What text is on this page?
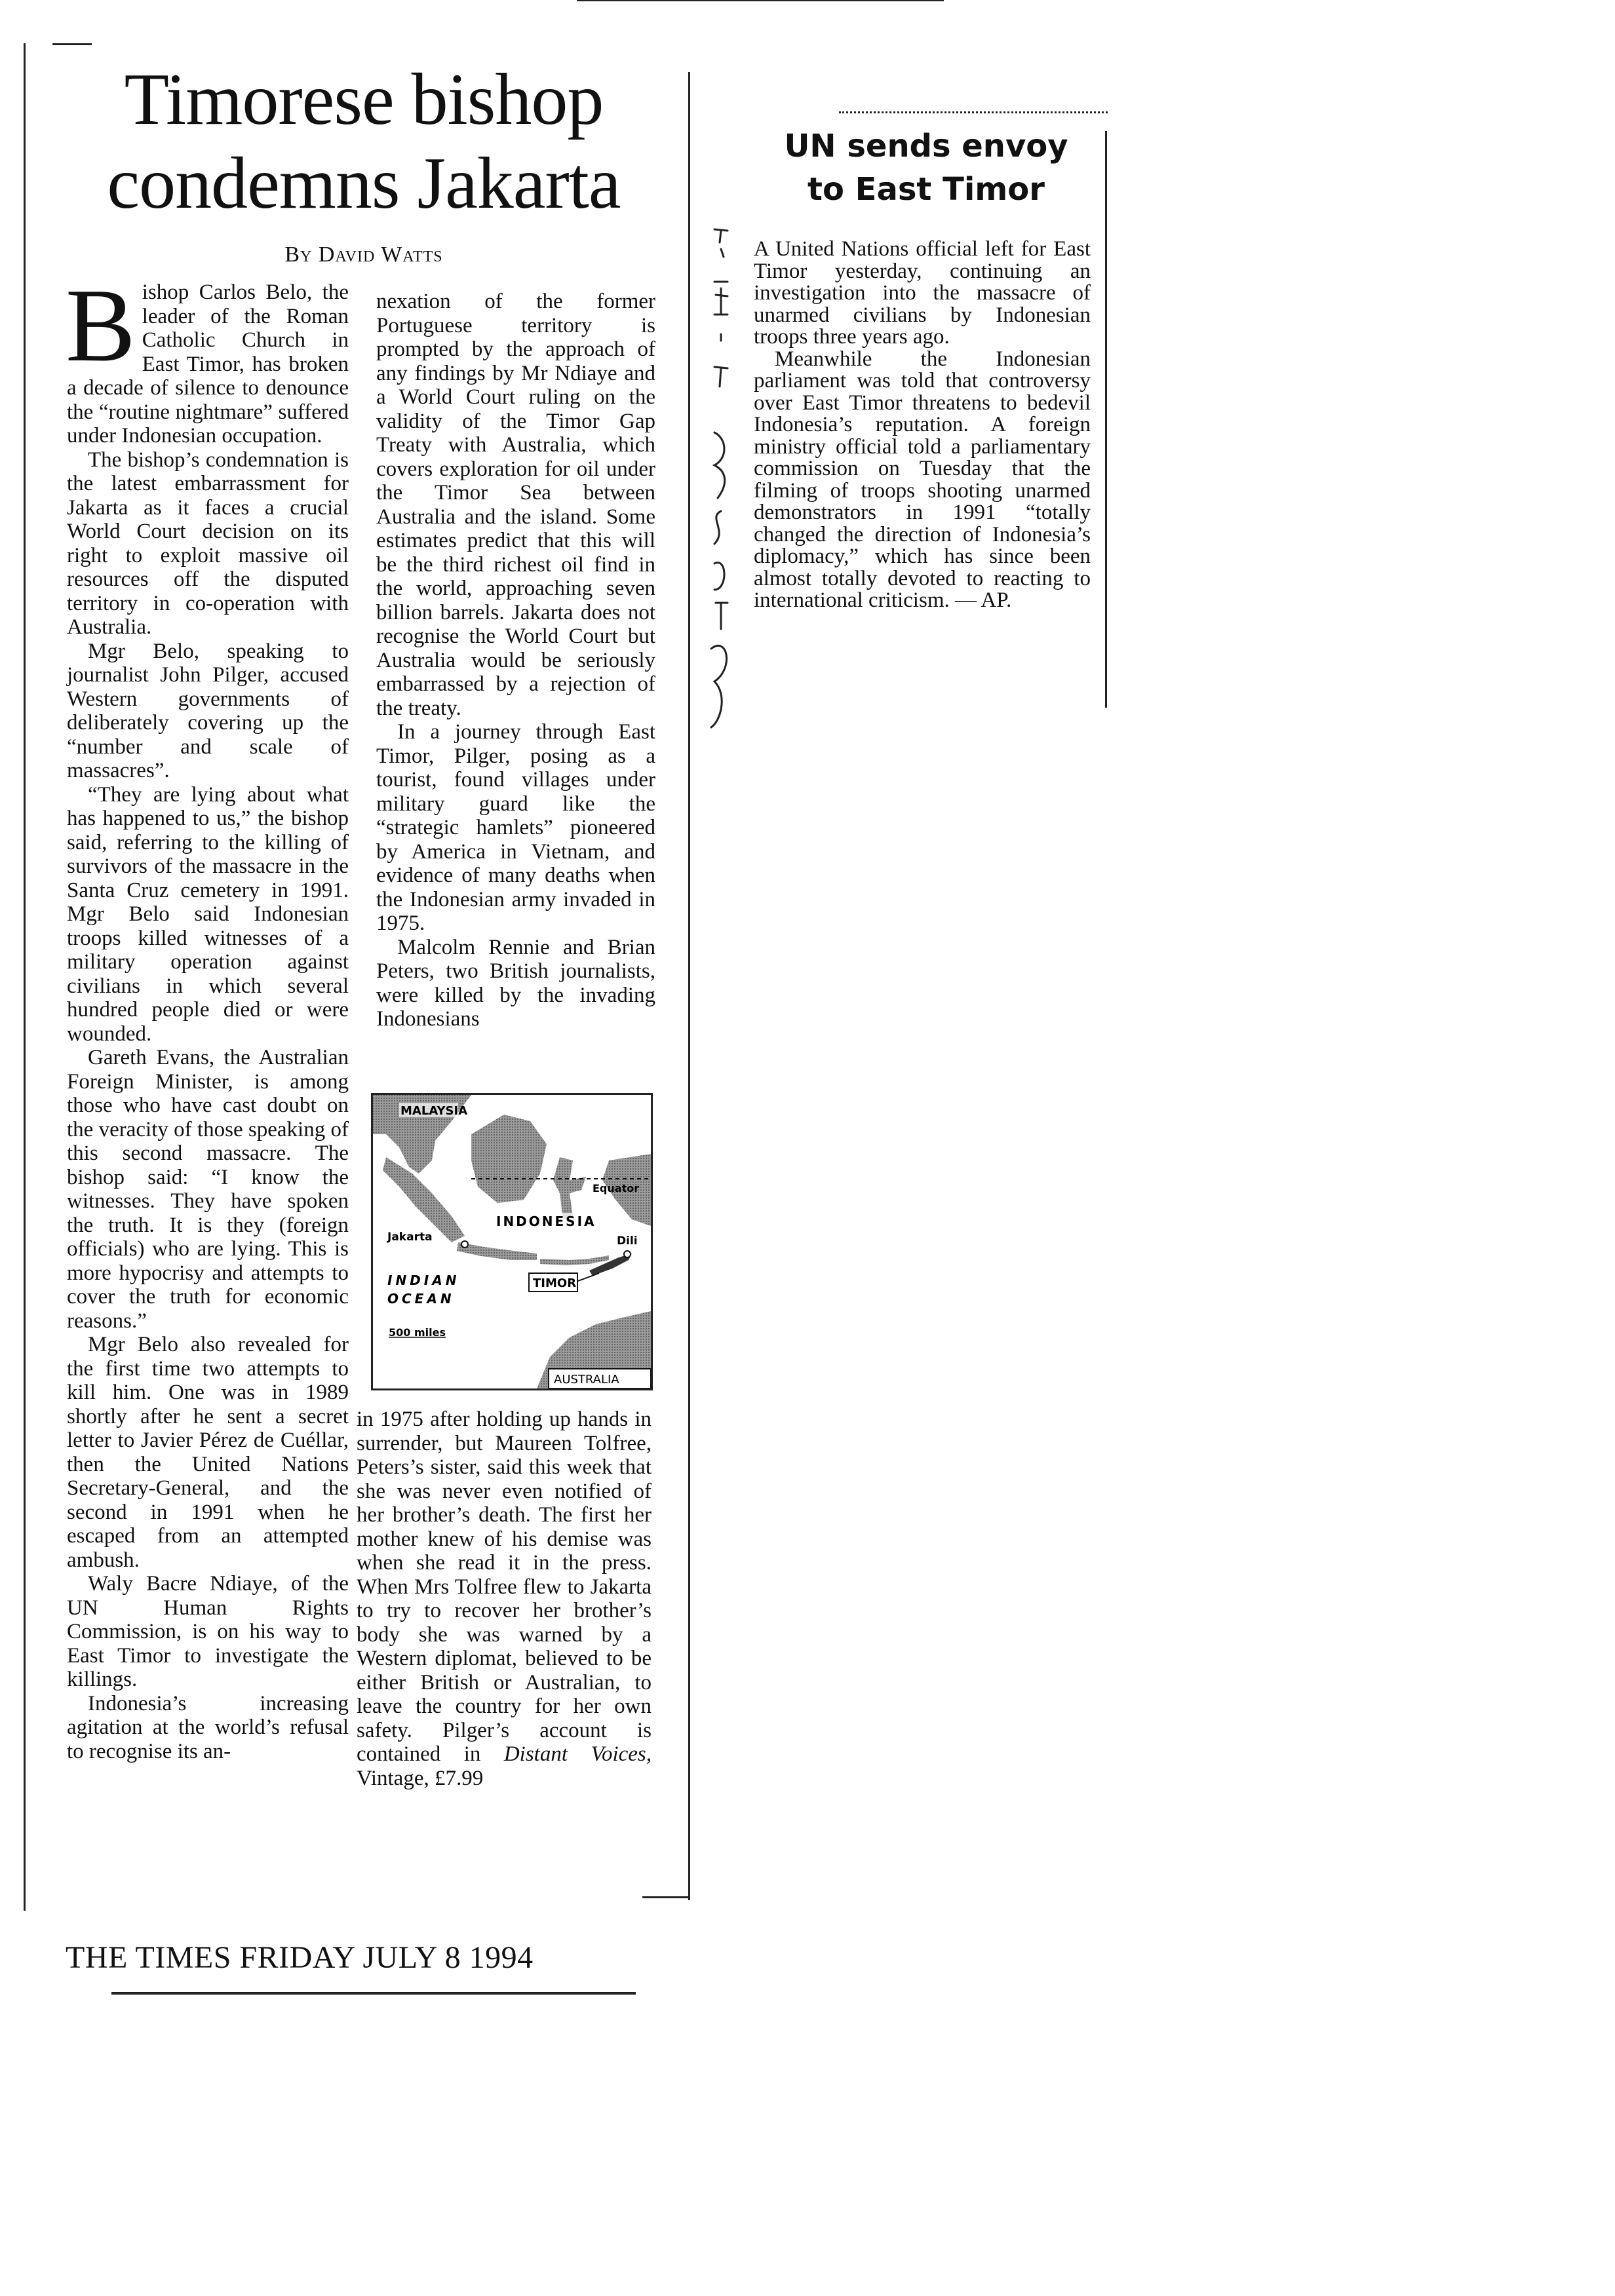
Timorese bishop
condemns Jakarta
By David Watts

Bishop Carlos Belo, the leader of the Roman Catholic Church in East Timor, has broken a decade of silence to denounce the “routine nightmare” suffered under Indonesian occupation.

The bishop’s condemnation is the latest embarrassment for Jakarta as it faces a crucial World Court decision on its right to exploit massive oil resources off the disputed territory in co-operation with Australia.

Mgr Belo, speaking to journalist John Pilger, accused Western governments of deliberately covering up the “number and scale of massacres”.

“They are lying about what has happened to us,” the bishop said, referring to the killing of survivors of the massacre in the Santa Cruz cemetery in 1991. Mgr Belo said Indonesian troops killed witnesses of a military operation against civilians in which several hundred people died or were wounded.

Gareth Evans, the Australian Foreign Minister, is among those who have cast doubt on the veracity of those speaking of this second massacre. The bishop said: “I know the witnesses. They have spoken the truth. It is they (foreign officials) who are lying. This is more hypocrisy and attempts to cover the truth for economic reasons.”

Mgr Belo also revealed for the first time two attempts to kill him. One was in 1989 shortly after he sent a secret letter to Javier Pérez de Cuéllar, then the United Nations Secretary-General, and the second in 1991 when he escaped from an attempted ambush.

Waly Bacre Ndiaye, of the UN Human Rights Commission, is on his way to East Timor to investigate the killings.

Indonesia’s increasing agitation at the world’s refusal to recognise its an-

nexation of the former Portuguese territory is prompted by the approach of any findings by Mr Ndiaye and a World Court ruling on the validity of the Timor Gap Treaty with Australia, which covers exploration for oil under the Timor Sea between Australia and the island. Some estimates predict that this will be the third richest oil find in the world, approaching seven billion barrels. Jakarta does not recognise the World Court but Australia would be seriously embarrassed by a rejection of the treaty.

In a journey through East Timor, Pilger, posing as a tourist, found villages under military guard like the “strategic hamlets” pioneered by America in Vietnam, and evidence of many deaths when the Indonesian army invaded in 1975.

Malcolm Rennie and Brian Peters, two British journalists, were killed by the invading Indonesians

MALAYSIA
Equator
INDONESIA
Dili
Jakarta
INDIAN
OCEAN
TIMOR
500 miles
AUSTRALIA

in 1975 after holding up hands in surrender, but Maureen Tolfree, Peters’s sister, said this week that she was never even notified of her brother’s death. The first her mother knew of his demise was when she read it in the press. When Mrs Tolfree flew to Jakarta to try to recover her brother’s body she was warned by a Western diplomat, believed to be either British or Australian, to leave the country for her own safety. Pilger’s account is contained in Distant Voices, Vintage, £7.99

THE TIMES FRIDAY JULY 8 1994
UN sends envoy
to East Timor

A United Nations official left for East Timor yesterday, continuing an investigation into the massacre of unarmed civilians by Indonesian troops three years ago.

Meanwhile the Indonesian parliament was told that controversy over East Timor threatens to bedevil Indonesia’s reputation. A foreign ministry official told a parliamentary commission on Tuesday that the filming of troops shooting unarmed demonstrators in 1991 “totally changed the direction of Indonesia’s diplomacy,” which has since been almost totally devoted to reacting to international criticism. — AP.
